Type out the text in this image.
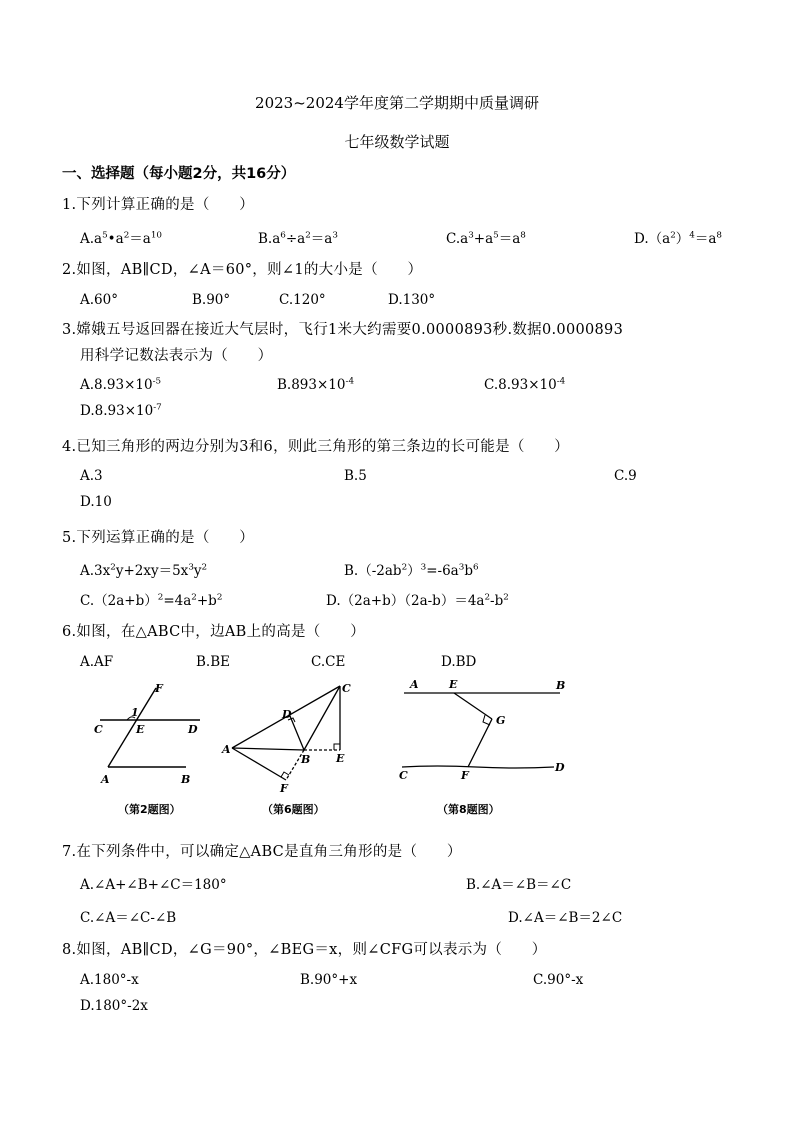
2023~2024学年度第二学期期中质量调研
七年级数学试题
一、选择题（每小题2分，共16分）
1.下列计算正确的是（　　）
$A.a^5•a^2=a^{10}$	$B.a^6\div a^2=a^3$	$C.a^3+a^5=a^8$	$D.(a^2)^4=a^8$
2.如图，AB∥CD，∠A＝60°，则∠1的大小是（　　）
A.60°	B.90°	C.120°	D.130°
3.嫦娥五号返回器在接近大气层时，飞行1米大约需要0.0000893秒.数据0.0000893
用科学记数法表示为（　　）
$A.8.93\times 10^{-5}$	$B.893\times 10^{-4}$	$C.8.93\times 10^{-4}$
$D.8.93\times 10^{-7}$
4.已知三角形的两边分别为3和6，则此三角形的第三条边的长可能是（　　）
A.3	B.5	C.9
D.10
5.下列运算正确的是（　　）
$A.3x^2y+2xy=5x^3y^2$	$B.(-2ab^2)^3=-6a^3b^6$
$C.(2a+b)^2=4a^2+b^2$	$D.(2a+b)(2a-b)=4a^2-b^2$
6.如图，在△ABC中，边AB上的高是（　　）
A.AF	B.BE	C.CE	D.BD
F
1
C	E	D
A	B
C
D
A
B E
F
A	E	B
G
C	F
D
（第2题图）	（第6题图）	（第8题图）
7.在下列条件中，可以确定△ABC是直角三角形的是（　　）
A.∠A+∠B+∠C＝180°	B.∠A＝∠B＝∠C
C.∠A＝∠C-∠B	D.∠A＝∠B＝2∠C
8.如图，AB∥CD，∠G＝90°，∠BEG＝x，则∠CFG可以表示为（　　）
A.180°-x	B.90°+x	C.90°-x
D.180°-2x
